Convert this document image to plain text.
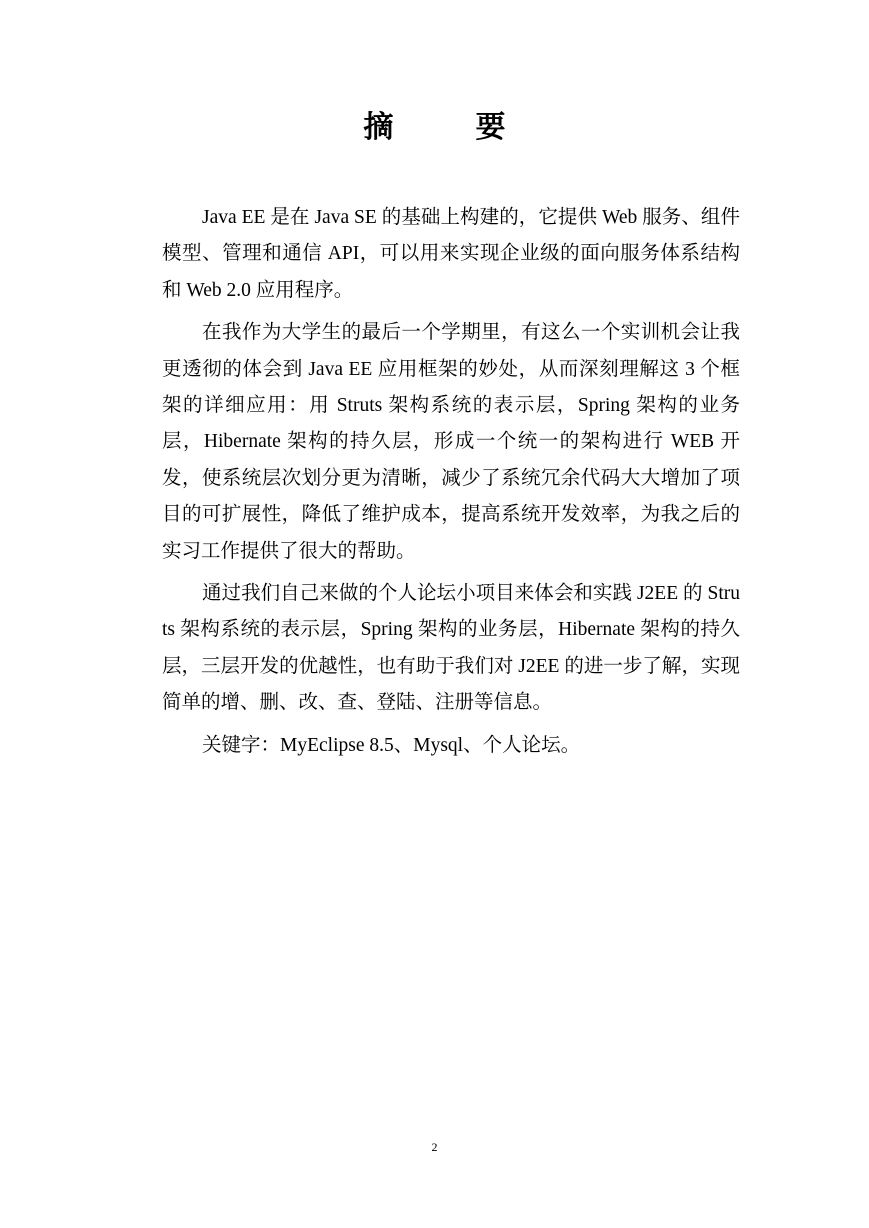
摘	要

Java EE 是在 Java SE 的基础上构建的，它提供 Web 服务、组件模型、管理和通信 API，可以用来实现企业级的面向服务体系结构和 Web 2.0 应用程序。

在我作为大学生的最后一个学期里，有这么一个实训机会让我更透彻的体会到 Java EE 应用框架的妙处，从而深刻理解这 3 个框架的详细应用：用 Struts 架构系统的表示层，Spring 架构的业务层，Hibernate 架构的持久层，形成一个统一的架构进行 WEB 开发，使系统层次划分更为清晰，减少了系统冗余代码大大增加了项目的可扩展性，降低了维护成本，提高系统开发效率，为我之后的实习工作提供了很大的帮助。

通过我们自己来做的个人论坛小项目来体会和实践 J2EE 的 Struts 架构系统的表示层，Spring 架构的业务层，Hibernate 架构的持久层，三层开发的优越性，也有助于我们对 J2EE 的进一步了解，实现简单的增、删、改、查、登陆、注册等信息。

关键字：MyEclipse 8.5、Mysql、个人论坛。

2
